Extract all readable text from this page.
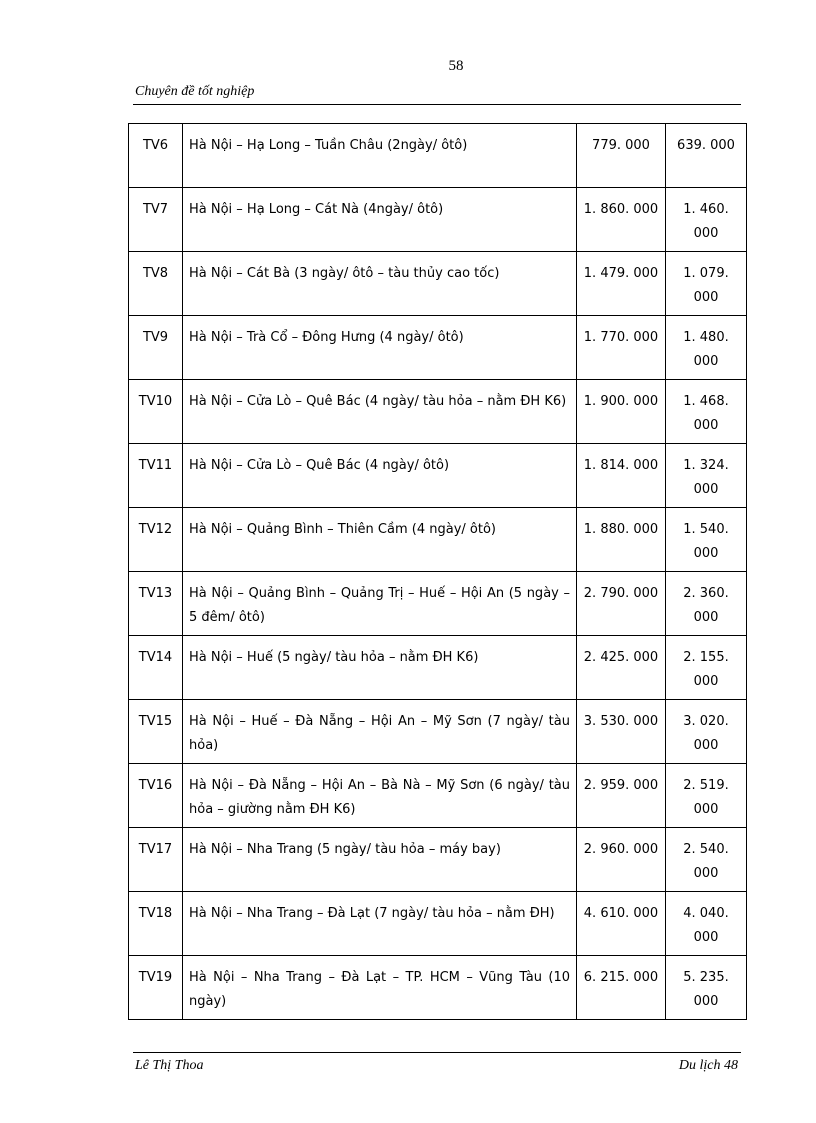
58
Chuyên đề tốt nghiệp
TV6	Hà Nội – Hạ Long – Tuần Châu (2ngày/ ôtô)	779. 000	639. 000
TV7	Hà Nội – Hạ Long – Cát Nà (4ngày/ ôtô)	1. 860. 000	1. 460. 000
TV8	Hà Nội – Cát Bà (3 ngày/ ôtô – tàu thủy cao tốc)	1. 479. 000	1. 079. 000
TV9	Hà Nội – Trà Cổ – Đông Hưng (4 ngày/ ôtô)	1. 770. 000	1. 480. 000
TV10	Hà Nội – Cửa Lò – Quê Bác (4 ngày/ tàu hỏa – nằm ĐH K6)	1. 900. 000	1. 468. 000
TV11	Hà Nội – Cửa Lò – Quê Bác (4 ngày/ ôtô)	1. 814. 000	1. 324. 000
TV12	Hà Nội – Quảng Bình – Thiên Cầm (4 ngày/ ôtô)	1. 880. 000	1. 540. 000
TV13	Hà Nội – Quảng Bình – Quảng Trị – Huế – Hội An (5 ngày – 5 đêm/ ôtô)	2. 790. 000	2. 360. 000
TV14	Hà Nội – Huế (5 ngày/ tàu hỏa – nằm ĐH K6)	2. 425. 000	2. 155. 000
TV15	Hà Nội – Huế – Đà Nẵng – Hội An – Mỹ Sơn (7 ngày/ tàu hỏa)	3. 530. 000	3. 020. 000
TV16	Hà Nội – Đà Nẵng – Hội An – Bà Nà – Mỹ Sơn (6 ngày/ tàu hỏa – giường nằm ĐH K6)	2. 959. 000	2. 519. 000
TV17	Hà Nội – Nha Trang (5 ngày/ tàu hỏa – máy bay)	2. 960. 000	2. 540. 000
TV18	Hà Nội – Nha Trang – Đà Lạt (7 ngày/ tàu hỏa – nằm ĐH)	4. 610. 000	4. 040. 000
TV19	Hà Nội – Nha Trang – Đà Lạt – TP. HCM – Vũng Tàu (10 ngày)	6. 215. 000	5. 235. 000
Lê Thị Thoa	Du lịch 48
